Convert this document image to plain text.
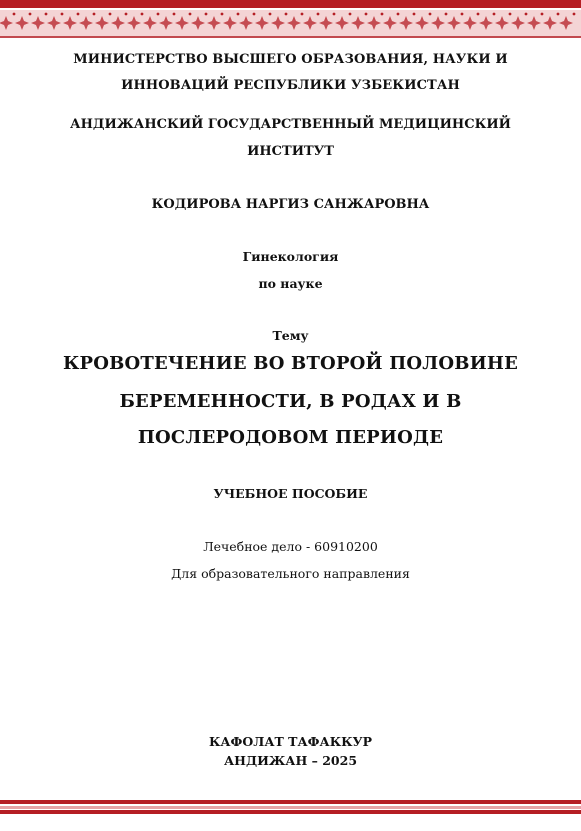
МИНИСТЕРСТВО ВЫСШЕГО ОБРАЗОВАНИЯ, НАУКИ И
ИННОВАЦИЙ РЕСПУБЛИКИ УЗБЕКИСТАН
АНДИЖАНСКИЙ ГОСУДАРСТВЕННЫЙ МЕДИЦИНСКИЙ
ИНСТИТУТ
КОДИРОВА НАРГИЗ САНЖАРОВНА
Гинекология
по науке
Тему
КРОВОТЕЧЕНИЕ ВО ВТОРОЙ ПОЛОВИНЕ
БЕРЕМЕННОСТИ, В РОДАХ И В
ПОСЛЕРОДОВОМ ПЕРИОДЕ
УЧЕБНОЕ ПОСОБИЕ
Лечебное дело - 60910200
Для образовательного направления
КАФОЛАТ ТАФАККУР
АНДИЖАН – 2025
